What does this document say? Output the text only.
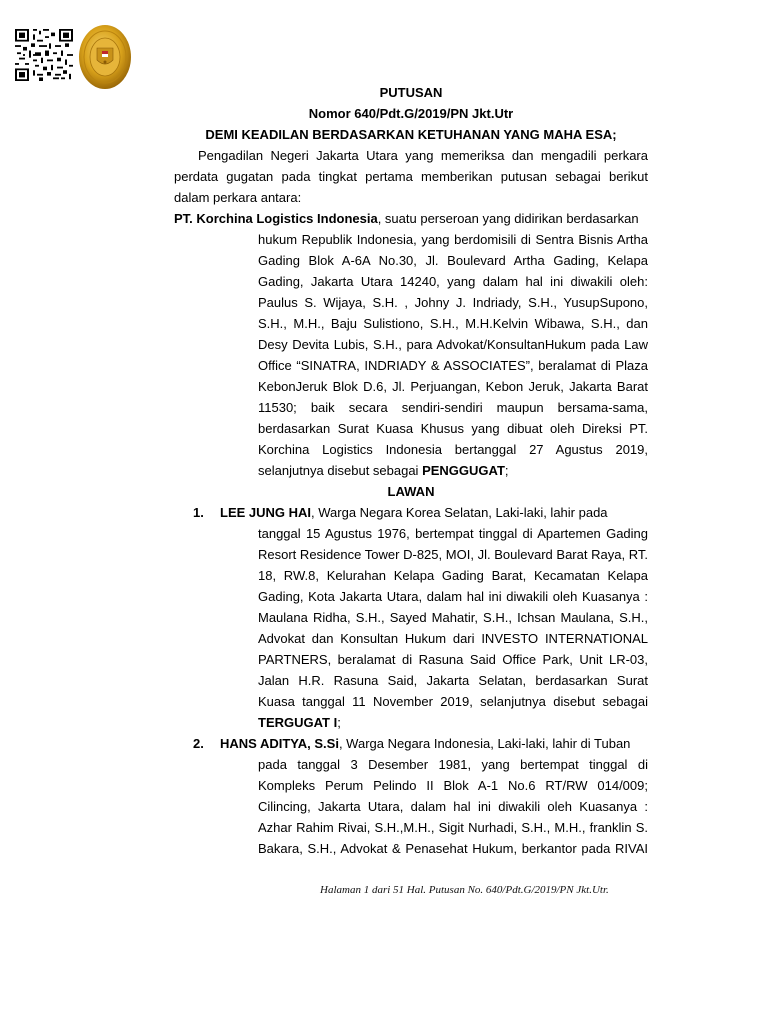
PUTUSAN
Nomor 640/Pdt.G/2019/PN Jkt.Utr
DEMI KEADILAN BERDASARKAN KETUHANAN YANG MAHA ESA;
Pengadilan Negeri Jakarta Utara yang memeriksa dan mengadili perkara perdata gugatan pada tingkat pertama memberikan putusan sebagai berikut dalam perkara antara:
PT. Korchina Logistics Indonesia, suatu perseroan yang didirikan berdasarkan
hukum Republik Indonesia, yang berdomisili di Sentra Bisnis Artha Gading Blok A-6A No.30, Jl. Boulevard Artha Gading, Kelapa Gading, Jakarta Utara 14240, yang dalam hal ini diwakili oleh: Paulus S. Wijaya, S.H. , Johny J. Indriady, S.H., YusupSupono, S.H., M.H., Baju Sulistiono, S.H., M.H.Kelvin Wibawa, S.H., dan Desy Devita Lubis, S.H., para Advokat/KonsultanHukum pada Law Office “SINATRA, INDRIADY & ASSOCIATES”, beralamat di Plaza KebonJeruk Blok D.6, Jl. Perjuangan, Kebon Jeruk, Jakarta Barat 11530; baik secara sendiri-sendiri maupun bersama-sama, berdasarkan Surat Kuasa Khusus yang dibuat oleh Direksi PT. Korchina Logistics Indonesia bertanggal 27 Agustus 2019, selanjutnya disebut sebagai PENGGUGAT;
LAWAN
1. LEE JUNG HAI, Warga Negara Korea Selatan, Laki-laki, lahir pada
tanggal 15 Agustus 1976, bertempat tinggal di Apartemen Gading Resort Residence Tower D-825, MOI, Jl. Boulevard Barat Raya, RT. 18, RW.8, Kelurahan Kelapa Gading Barat, Kecamatan Kelapa Gading, Kota Jakarta Utara, dalam hal ini diwakili oleh Kuasanya : Maulana Ridha, S.H., Sayed Mahatir, S.H., Ichsan Maulana, S.H., Advokat dan Konsultan Hukum dari INVESTO INTERNATIONAL PARTNERS, beralamat di Rasuna Said Office Park, Unit LR-03, Jalan H.R. Rasuna Said, Jakarta Selatan, berdasarkan Surat Kuasa tanggal 11 November 2019, selanjutnya disebut sebagai TERGUGAT I;
2. HANS ADITYA, S.Si, Warga Negara Indonesia, Laki-laki, lahir di Tuban
pada tanggal 3 Desember 1981, yang bertempat tinggal di Kompleks Perum Pelindo II Blok A-1 No.6 RT/RW 014/009; Cilincing, Jakarta Utara, dalam hal ini diwakili oleh Kuasanya : Azhar Rahim Rivai, S.H.,M.H., Sigit Nurhadi, S.H., M.H., franklin S. Bakara, S.H., Advokat & Penasehat Hukum, berkantor pada RIVAI
Halaman 1 dari 51 Hal. Putusan No. 640/Pdt.G/2019/PN Jkt.Utr.
